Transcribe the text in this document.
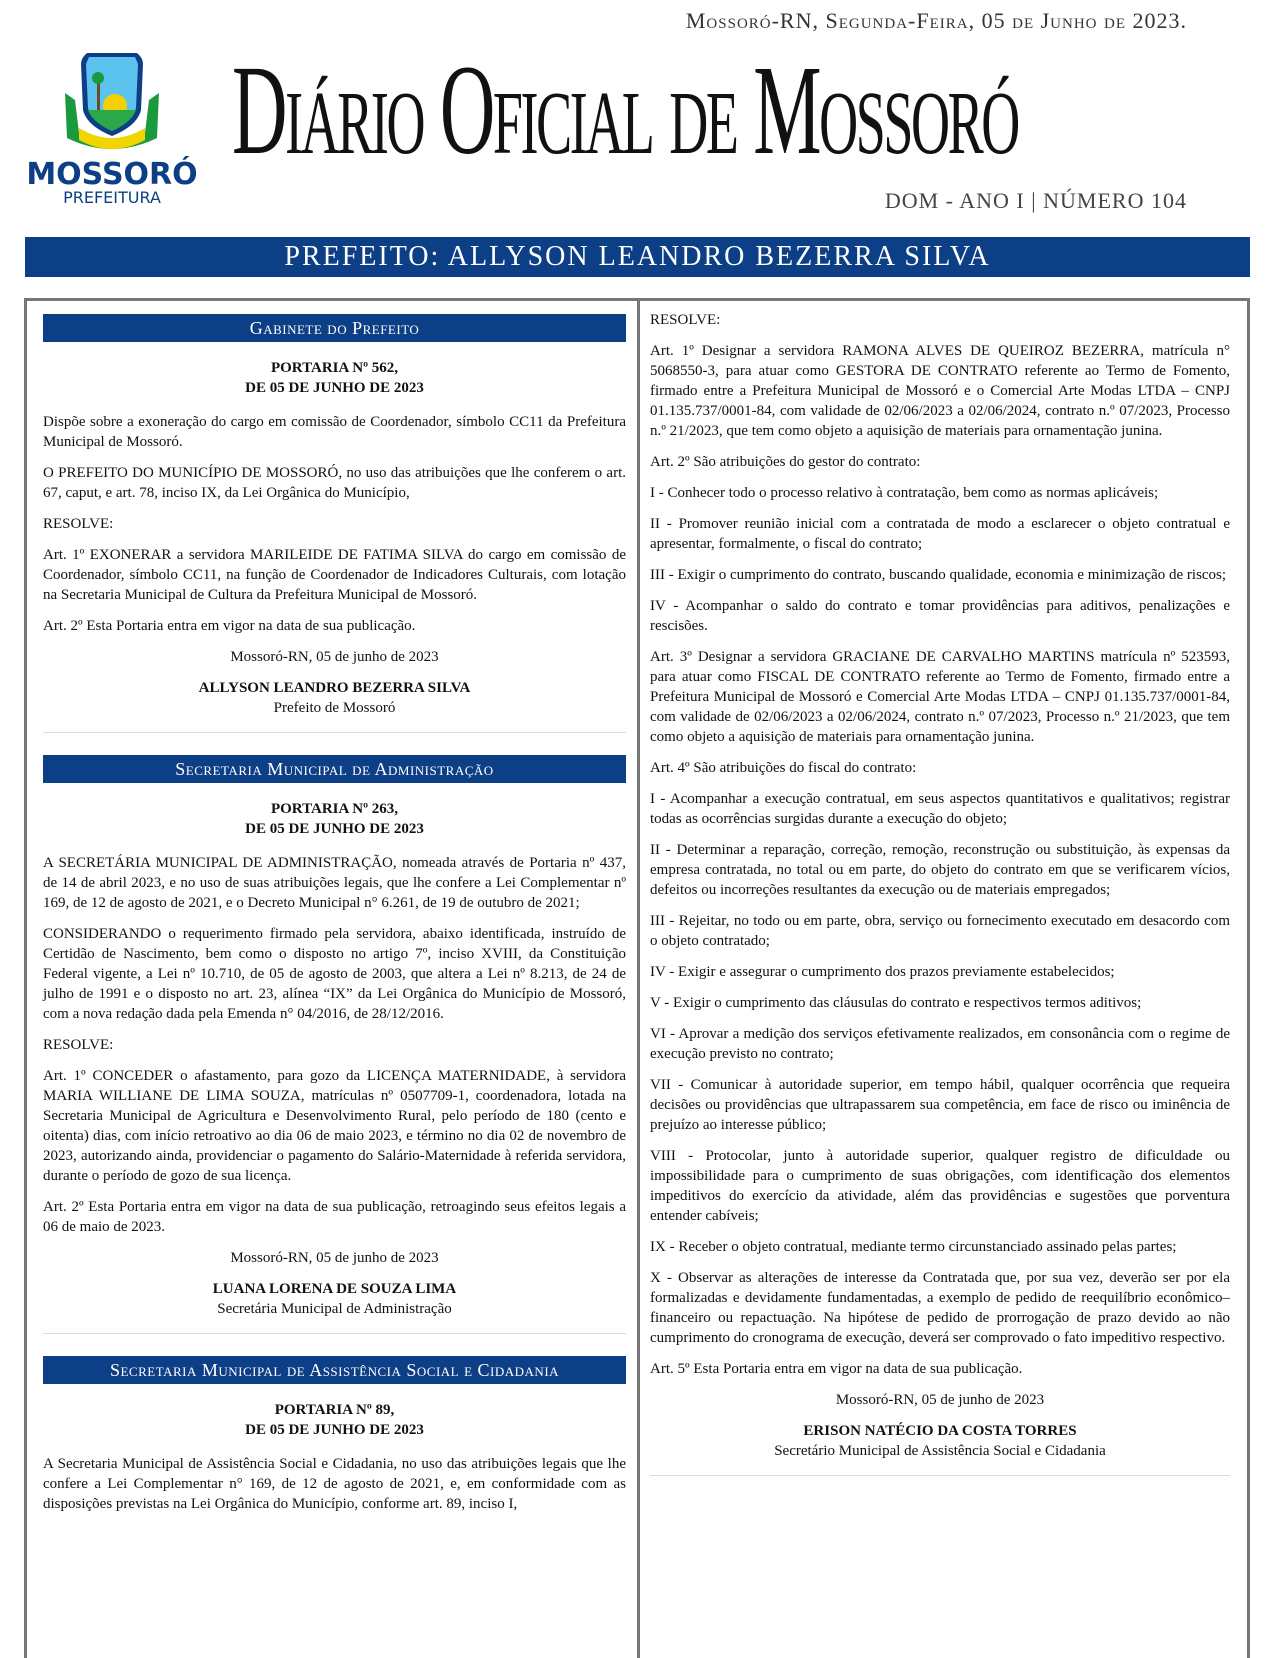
Mossoró-RN, Segunda-Feira, 05 de Junho de 2023.
MOSSORÓ
PREFEITURA
Diário Oficial de Mossoró
DOM - ANO I | NÚMERO 104
PREFEITO: ALLYSON LEANDRO BEZERRA SILVA
Gabinete do Prefeito
PORTARIA Nº 562,
DE 05 DE JUNHO DE 2023

Dispõe sobre a exoneração do cargo em comissão de Coordenador, símbolo CC11 da Prefeitura Municipal de Mossoró.

O PREFEITO DO MUNICÍPIO DE MOSSORÓ, no uso das atribuições que lhe conferem o art. 67, caput, e art. 78, inciso IX, da Lei Orgânica do Município,

RESOLVE:

Art. 1º EXONERAR a servidora MARILEIDE DE FATIMA SILVA do cargo em comissão de Coordenador, símbolo CC11, na função de Coordenador de Indicadores Culturais, com lotação na Secretaria Municipal de Cultura da Prefeitura Municipal de Mossoró.

Art. 2º Esta Portaria entra em vigor na data de sua publicação.

Mossoró-RN, 05 de junho de 2023

ALLYSON LEANDRO BEZERRA SILVA
Prefeito de Mossoró
Secretaria Municipal de Administração
PORTARIA Nº 263,
DE 05 DE JUNHO DE 2023

A SECRETÁRIA MUNICIPAL DE ADMINISTRAÇÃO, nomeada através de Portaria nº 437, de 14 de abril 2023, e no uso de suas atribuições legais, que lhe confere a Lei Complementar nº 169, de 12 de agosto de 2021, e o Decreto Municipal n° 6.261, de 19 de outubro de 2021;

CONSIDERANDO o requerimento firmado pela servidora, abaixo identificada, instruído de Certidão de Nascimento, bem como o disposto no artigo 7º, inciso XVIII, da Constituição Federal vigente, a Lei nº 10.710, de 05 de agosto de 2003, que altera a Lei nº 8.213, de 24 de julho de 1991 e o disposto no art. 23, alínea “IX” da Lei Orgânica do Município de Mossoró, com a nova redação dada pela Emenda n° 04/2016, de 28/12/2016.

RESOLVE:

Art. 1º CONCEDER o afastamento, para gozo da LICENÇA MATERNIDADE, à servidora MARIA WILLIANE DE LIMA SOUZA, matrículas nº 0507709-1, coordenadora, lotada na Secretaria Municipal de Agricultura e Desenvolvimento Rural, pelo período de 180 (cento e oitenta) dias, com início retroativo ao dia 06 de maio 2023, e término no dia 02 de novembro de 2023, autorizando ainda, providenciar o pagamento do Salário-Maternidade à referida servidora, durante o período de gozo de sua licença.

Art. 2º Esta Portaria entra em vigor na data de sua publicação, retroagindo seus efeitos legais a 06 de maio de 2023.

Mossoró-RN, 05 de junho de 2023

LUANA LORENA DE SOUZA LIMA
Secretária Municipal de Administração
Secretaria Municipal de Assistência Social e Cidadania
PORTARIA Nº 89,
DE 05 DE JUNHO DE 2023

A Secretaria Municipal de Assistência Social e Cidadania, no uso das atribuições legais que lhe confere a Lei Complementar n° 169, de 12 de agosto de 2021, e, em conformidade com as disposições previstas na Lei Orgânica do Município, conforme art. 89, inciso I,

RESOLVE:

Art. 1º Designar a servidora RAMONA ALVES DE QUEIROZ BEZERRA, matrícula n° 5068550-3, para atuar como GESTORA DE CONTRATO referente ao Termo de Fomento, firmado entre a Prefeitura Municipal de Mossoró e o Comercial Arte Modas LTDA – CNPJ 01.135.737/0001-84, com validade de 02/06/2023 a 02/06/2024, contrato n.º 07/2023, Processo n.º 21/2023, que tem como objeto a aquisição de materiais para ornamentação junina.

Art. 2º São atribuições do gestor do contrato:

I - Conhecer todo o processo relativo à contratação, bem como as normas aplicáveis;

II - Promover reunião inicial com a contratada de modo a esclarecer o objeto contratual e apresentar, formalmente, o fiscal do contrato;

III - Exigir o cumprimento do contrato, buscando qualidade, economia e minimização de riscos;

IV - Acompanhar o saldo do contrato e tomar providências para aditivos, penalizações e rescisões.

Art. 3º Designar a servidora GRACIANE DE CARVALHO MARTINS matrícula nº 523593, para atuar como FISCAL DE CONTRATO referente ao Termo de Fomento, firmado entre a Prefeitura Municipal de Mossoró e Comercial Arte Modas LTDA – CNPJ 01.135.737/0001-84, com validade de 02/06/2023 a 02/06/2024, contrato n.º 07/2023, Processo n.º 21/2023, que tem como objeto a aquisição de materiais para ornamentação junina.

Art. 4º São atribuições do fiscal do contrato:

I - Acompanhar a execução contratual, em seus aspectos quantitativos e qualitativos; registrar todas as ocorrências surgidas durante a execução do objeto;

II - Determinar a reparação, correção, remoção, reconstrução ou substituição, às expensas da empresa contratada, no total ou em parte, do objeto do contrato em que se verificarem vícios, defeitos ou incorreções resultantes da execução ou de materiais empregados;

III - Rejeitar, no todo ou em parte, obra, serviço ou fornecimento executado em desacordo com o objeto contratado;

IV - Exigir e assegurar o cumprimento dos prazos previamente estabelecidos;

V - Exigir o cumprimento das cláusulas do contrato e respectivos termos aditivos;

VI - Aprovar a medição dos serviços efetivamente realizados, em consonância com o regime de execução previsto no contrato;

VII - Comunicar à autoridade superior, em tempo hábil, qualquer ocorrência que requeira decisões ou providências que ultrapassarem sua competência, em face de risco ou iminência de prejuízo ao interesse público;

VIII - Protocolar, junto à autoridade superior, qualquer registro de dificuldade ou impossibilidade para o cumprimento de suas obrigações, com identificação dos elementos impeditivos do exercício da atividade, além das providências e sugestões que porventura entender cabíveis;

IX - Receber o objeto contratual, mediante termo circunstanciado assinado pelas partes;

X - Observar as alterações de interesse da Contratada que, por sua vez, deverão ser por ela formalizadas e devidamente fundamentadas, a exemplo de pedido de reequilíbrio econômico–financeiro ou repactuação. Na hipótese de pedido de prorrogação de prazo devido ao não cumprimento do cronograma de execução, deverá ser comprovado o fato impeditivo respectivo.

Art. 5º Esta Portaria entra em vigor na data de sua publicação.

Mossoró-RN, 05 de junho de 2023

ERISON NATÉCIO DA COSTA TORRES
Secretário Municipal de Assistência Social e Cidadania
